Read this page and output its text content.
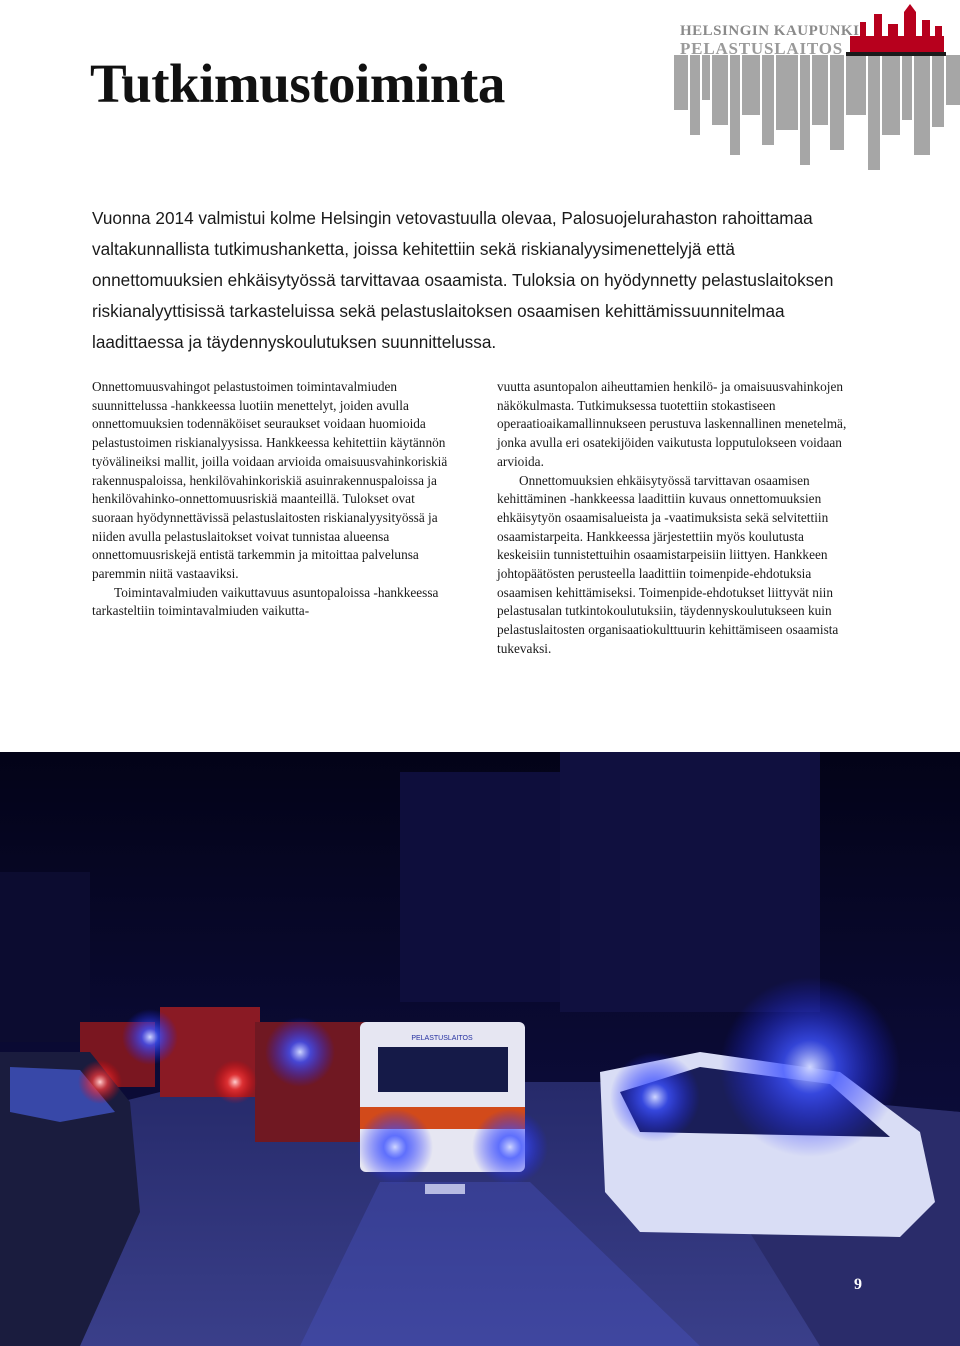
HELSINGIN KAUPUNKI
PELASTUSLAITOS
Tutkimustoiminta

Vuonna 2014 valmistui kolme Helsingin vetovastuulla olevaa, Palosuojelurahaston rahoittamaa valtakunnallista tutkimushanketta, joissa kehitettiin sekä riskianalyysimenettelyjä että onnettomuuksien ehkäisytyössä tarvittavaa osaamista. Tuloksia on hyödynnetty pelastuslaitoksen riskianalyyttisissä tarkasteluissa sekä pelastuslaitoksen osaamisen kehittämissuunnitelmaa laadittaessa ja täydennyskoulutuksen suunnittelussa.

Onnettomuusvahingot pelastustoimen toimintavalmiuden suunnittelussa -hankkeessa luotiin menettelyt, joiden avulla onnettomuuksien todennäköiset seuraukset voidaan huomioida pelastustoimen riskianalyysissa. Hankkeessa kehitettiin käytännön työvälineiksi mallit, joilla voidaan arvioida omaisuusvahinkoriskiä rakennuspaloissa, henkilövahinkoriskiä asuinrakennuspaloissa ja henkilövahinko-onnettomuusriskiä maanteillä. Tulokset ovat suoraan hyödynnettävissä pelastuslaitosten riskianalyysityössä ja niiden avulla pelastuslaitokset voivat tunnistaa alueensa onnettomuusriskejä entistä tarkemmin ja mitoittaa palvelunsa paremmin niitä vastaaviksi.

Toimintavalmiuden vaikuttavuus asuntopaloissa -hankkeessa tarkasteltiin toimintavalmiuden vaikutta-

vuutta asuntopalon aiheuttamien henkilö- ja omaisuusvahinkojen näkökulmasta. Tutkimuksessa tuotettiin stokastiseen operaatioaikamallinnukseen perustuva laskennallinen menetelmä, jonka avulla eri osatekijöiden vaikutusta lopputulokseen voidaan arvioida.

Onnettomuuksien ehkäisytyössä tarvittavan osaamisen kehittäminen -hankkeessa laadittiin kuvaus onnettomuuksien ehkäisytyön osaamisalueista ja -vaatimuksista sekä selvitettiin osaamistarpeita. Hankkeessa järjestettiin myös koulutusta keskeisiin tunnistettuihin osaamistarpeisiin liittyen. Hankkeen johtopäätösten perusteella laadittiin toimenpide-ehdotuksia osaamisen kehittämiseksi. Toimenpide-ehdotukset liittyvät niin pelastusalan tutkintokoulutuksiin, täydennyskoulutukseen kuin pelastuslaitosten organisaatiokulttuurin kehittämiseen osaamista tukevaksi.

PELASTUSLAITOS
9
